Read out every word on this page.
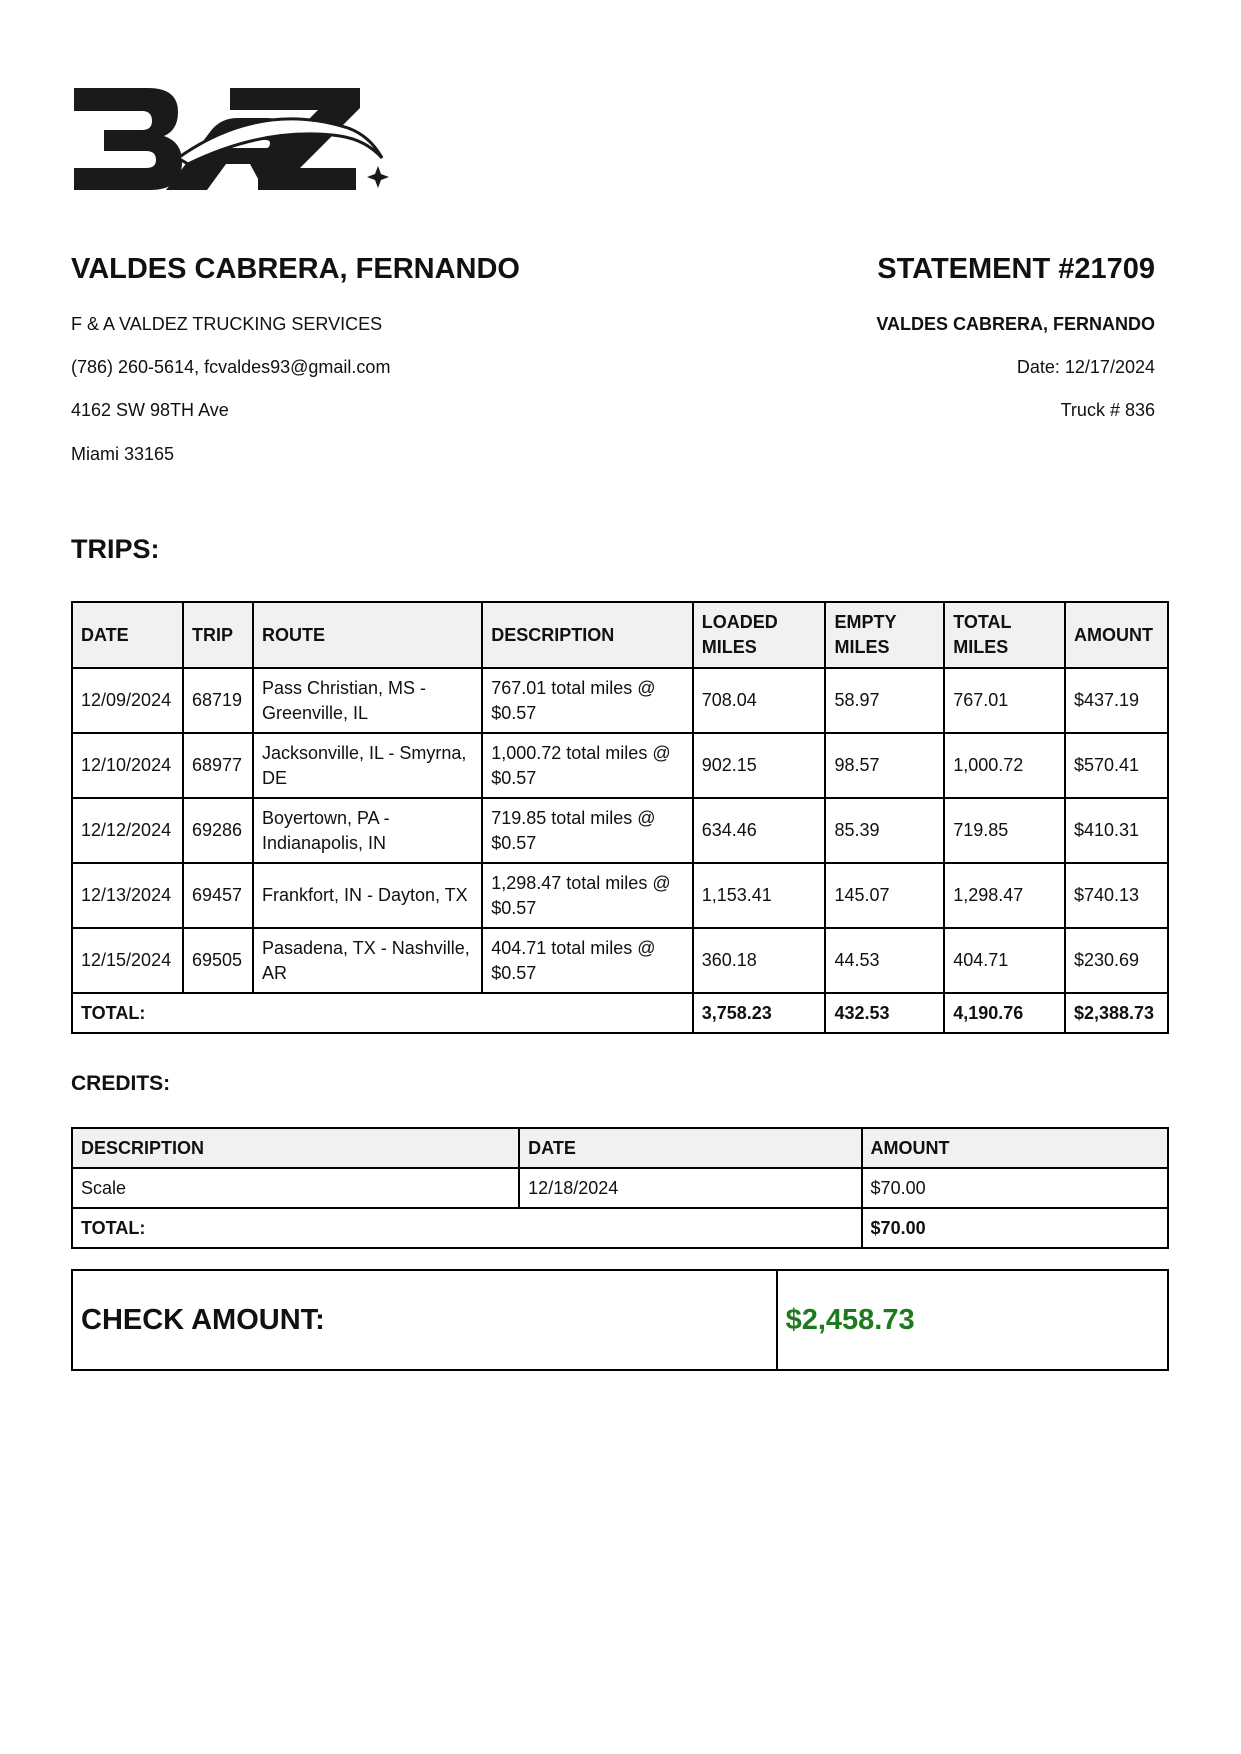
VALDES CABRERA, FERNANDO
F & A VALDEZ TRUCKING SERVICES
(786) 260-5614, fcvaldes93@gmail.com
4162 SW 98TH Ave
Miami 33165
STATEMENT #21709
VALDES CABRERA, FERNANDO
Date: 12/17/2024
Truck # 836
TRIPS:
DATE	TRIP	ROUTE	DESCRIPTION	LOADED MILES	EMPTY MILES	TOTAL MILES	AMOUNT
12/09/2024	68719	Pass Christian, MS - Greenville, IL	767.01 total miles @ $0.57	708.04	58.97	767.01	$437.19
12/10/2024	68977	Jacksonville, IL - Smyrna, DE	1,000.72 total miles @ $0.57	902.15	98.57	1,000.72	$570.41
12/12/2024	69286	Boyertown, PA - Indianapolis, IN	719.85 total miles @ $0.57	634.46	85.39	719.85	$410.31
12/13/2024	69457	Frankfort, IN - Dayton, TX	1,298.47 total miles @ $0.57	1,153.41	145.07	1,298.47	$740.13
12/15/2024	69505	Pasadena, TX - Nashville, AR	404.71 total miles @ $0.57	360.18	44.53	404.71	$230.69
TOTAL:				3,758.23	432.53	4,190.76	$2,388.73
CREDITS:
DESCRIPTION	DATE	AMOUNT
Scale	12/18/2024	$70.00
TOTAL:		$70.00
CHECK AMOUNT:	$2,458.73
